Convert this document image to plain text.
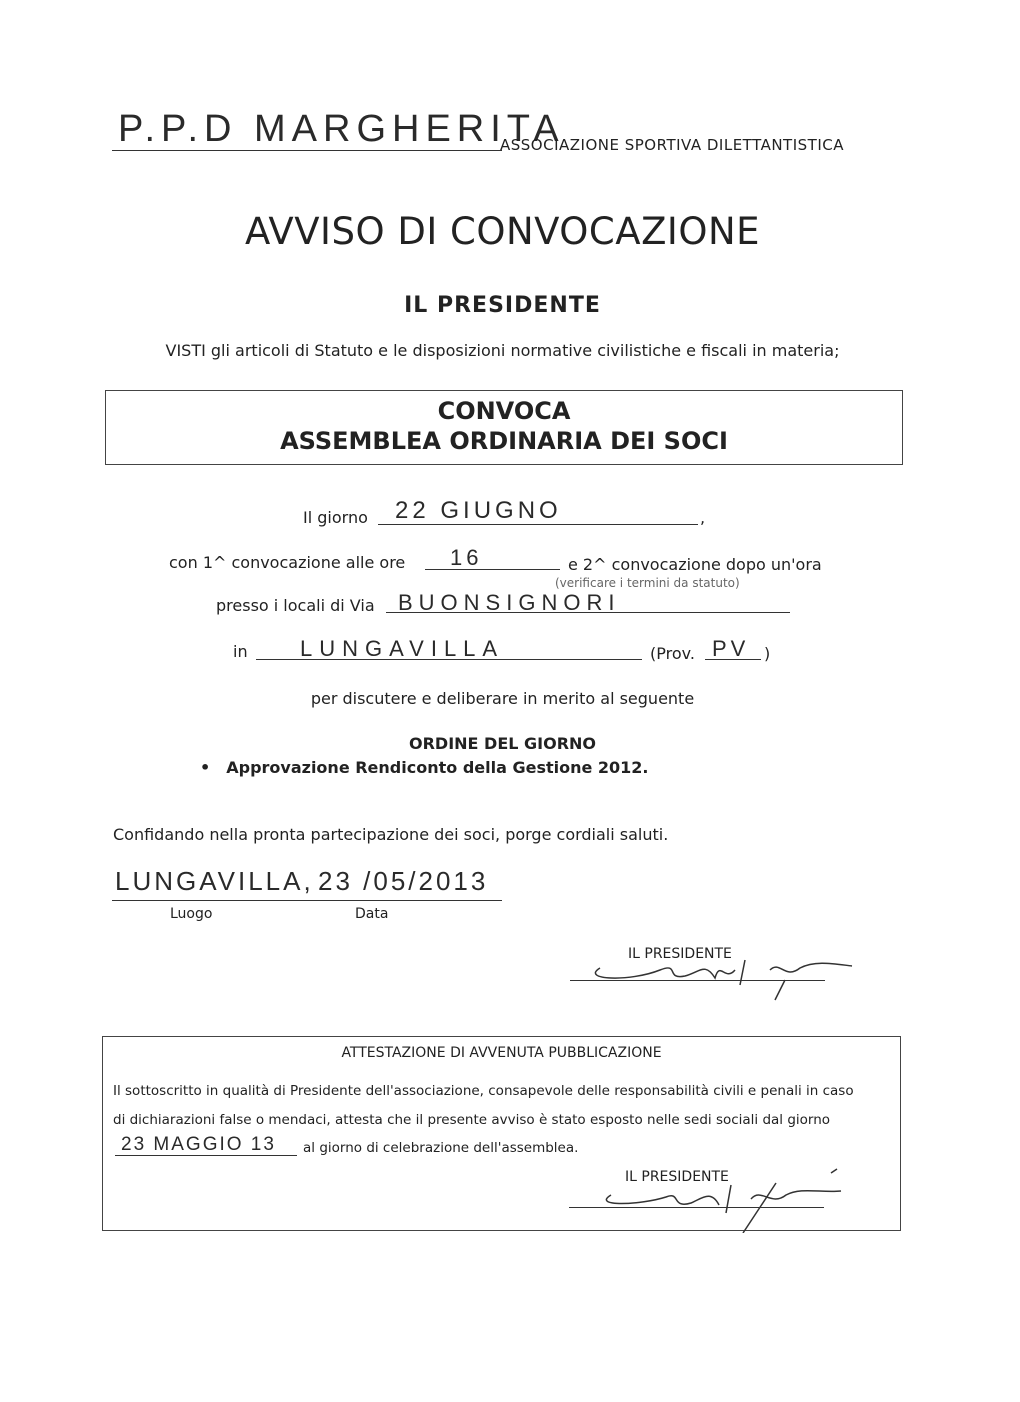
P.P.D MARGHERITA
ASSOCIAZIONE SPORTIVA DILETTANTISTICA
AVVISO DI CONVOCAZIONE
IL PRESIDENTE
VISTI gli articoli di Statuto e le disposizioni normative civilistiche e fiscali in materia;
CONVOCA
ASSEMBLEA ORDINARIA DEI SOCI
Il giorno 22 GIUGNO	,
con 1^ convocazione alle ore 16	e 2^ convocazione dopo un'ora
(verificare i termini da statuto)
presso i locali di Via BUONSIGNORI
in LUNGAVILLA	(Prov. PV )
per discutere e deliberare in merito al seguente
ORDINE DEL GIORNO
• Approvazione Rendiconto della Gestione 2012.
Confidando nella pronta partecipazione dei soci, porge cordiali saluti.
LUNGAVILLA, 23 /05/2013
Luogo	Data
IL PRESIDENTE
ATTESTAZIONE DI AVVENUTA PUBBLICAZIONE
Il sottoscritto in qualità di Presidente dell'associazione, consapevole delle responsabilità civili e penali in caso
di dichiarazioni false o mendaci, attesta che il presente avviso è stato esposto nelle sedi sociali dal giorno
23 MAGGIO 13 al giorno di celebrazione dell'assemblea.
IL PRESIDENTE
